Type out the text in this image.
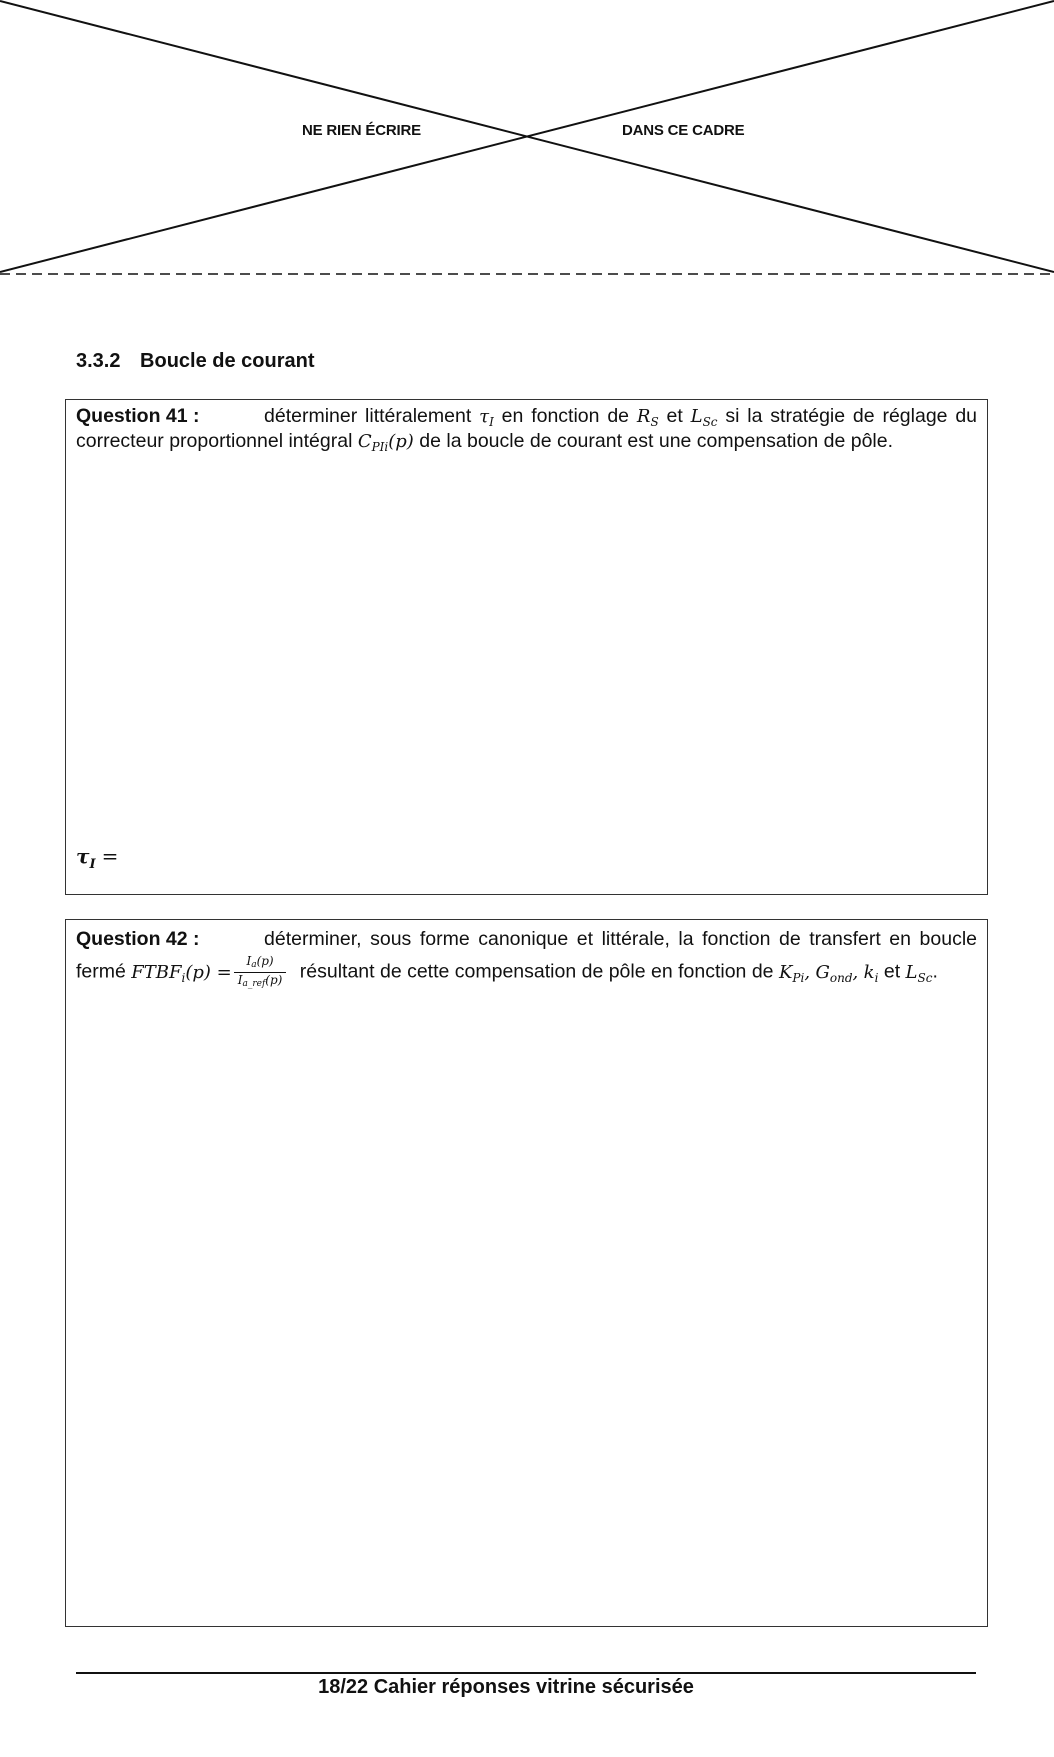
NE RIEN ÉCRIRE	DANS CE CADRE
3.3.2 Boucle de courant
Question 41 :	déterminer littéralement $\tau_I$ en fonction de $R_S$ et $L_{Sc}$ si la stratégie de réglage du correcteur proportionnel intégral $C_{PIi}(p)$ de la boucle de courant est une compensation de pôle.
$\tau_I$ =
Question 42 :	déterminer, sous forme canonique et littérale, la fonction de transfert en boucle fermé $FTBF_i(p) = \frac{I_a(p)}{I_{a\_ref}(p)}$ résultant de cette compensation de pôle en fonction de $K_{Pi}$, $G_{ond}$, $k_i$ et $L_{Sc}$.
18/22 Cahier réponses vitrine sécurisée
